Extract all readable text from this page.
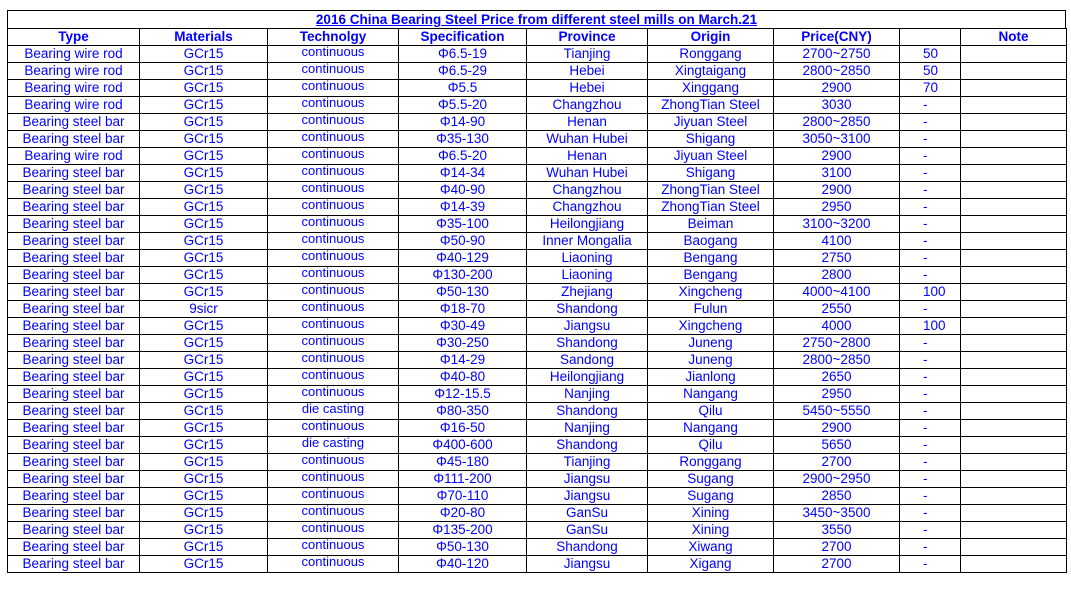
2016 China Bearing Steel Price from different steel mills on March.21
Type	Materials	Technolgy	Specification	Province	Origin	Price(CNY)		Note
Bearing wire rod	GCr15	continuous	Φ6.5-19	Tianjing	Ronggang	2700~2750	50	
Bearing wire rod	GCr15	continuous	Φ6.5-29	Hebei	Xingtaigang	2800~2850	50	
Bearing wire rod	GCr15	continuous	Φ5.5	Hebei	Xinggang	2900	70	
Bearing wire rod	GCr15	continuous	Φ5.5-20	Changzhou	ZhongTian Steel	3030	-	
Bearing steel bar	GCr15	continuous	Φ14-90	Henan	Jiyuan Steel	2800~2850	-	
Bearing steel bar	GCr15	continuous	Φ35-130	Wuhan Hubei	Shigang	3050~3100	-	
Bearing wire rod	GCr15	continuous	Φ6.5-20	Henan	Jiyuan Steel	2900	-	
Bearing steel bar	GCr15	continuous	Φ14-34	Wuhan Hubei	Shigang	3100	-	
Bearing steel bar	GCr15	continuous	Φ40-90	Changzhou	ZhongTian Steel	2900	-	
Bearing steel bar	GCr15	continuous	Φ14-39	Changzhou	ZhongTian Steel	2950	-	
Bearing steel bar	GCr15	continuous	Φ35-100	Heilongjiang	Beiman	3100~3200	-	
Bearing steel bar	GCr15	continuous	Φ50-90	Inner Mongalia	Baogang	4100	-	
Bearing steel bar	GCr15	continuous	Φ40-129	Liaoning	Bengang	2750	-	
Bearing steel bar	GCr15	continuous	Φ130-200	Liaoning	Bengang	2800	-	
Bearing steel bar	GCr15	continuous	Φ50-130	Zhejiang	Xingcheng	4000~4100	100	
Bearing steel bar	9sicr	continuous	Φ18-70	Shandong	Fulun	2550	-	
Bearing steel bar	GCr15	continuous	Φ30-49	Jiangsu	Xingcheng	4000	100	
Bearing steel bar	GCr15	continuous	Φ30-250	Shandong	Juneng	2750~2800	-	
Bearing steel bar	GCr15	continuous	Φ14-29	Sandong	Juneng	2800~2850	-	
Bearing steel bar	GCr15	continuous	Φ40-80	Heilongjiang	Jianlong	2650	-	
Bearing steel bar	GCr15	continuous	Φ12-15.5	Nanjing	Nangang	2950	-	
Bearing steel bar	GCr15	die casting	Φ80-350	Shandong	Qilu	5450~5550	-	
Bearing steel bar	GCr15	continuous	Φ16-50	Nanjing	Nangang	2900	-	
Bearing steel bar	GCr15	die casting	Φ400-600	Shandong	Qilu	5650	-	
Bearing steel bar	GCr15	continuous	Φ45-180	Tianjing	Ronggang	2700	-	
Bearing steel bar	GCr15	continuous	Φ111-200	Jiangsu	Sugang	2900~2950	-	
Bearing steel bar	GCr15	continuous	Φ70-110	Jiangsu	Sugang	2850	-	
Bearing steel bar	GCr15	continuous	Φ20-80	GanSu	Xining	3450~3500	-	
Bearing steel bar	GCr15	continuous	Φ135-200	GanSu	Xining	3550	-	
Bearing steel bar	GCr15	continuous	Φ50-130	Shandong	Xiwang	2700	-	
Bearing steel bar	GCr15	continuous	Φ40-120	Jiangsu	Xigang	2700	-	
